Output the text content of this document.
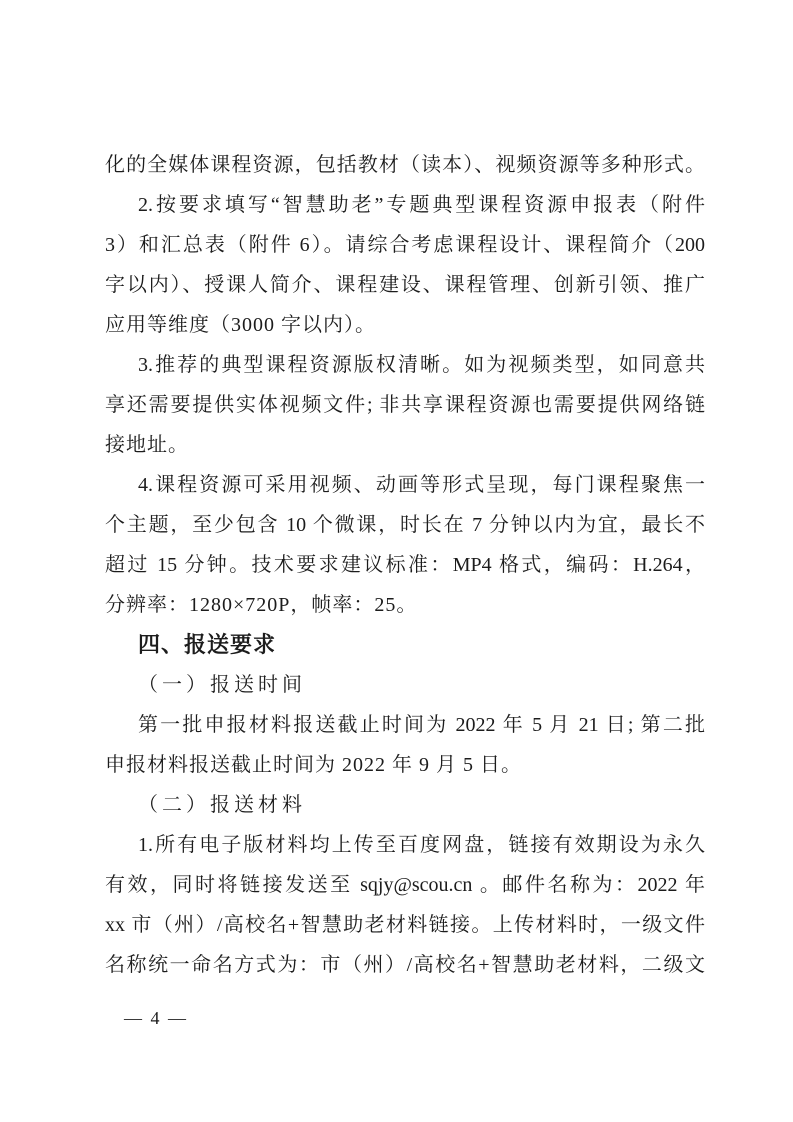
化的全媒体课程资源，包括教材（读本）、视频资源等多种形式。
2.按要求填写“智慧助老”专题典型课程资源申报表（附件
3）和汇总表（附件 6）。请综合考虑课程设计、课程简介（200
字以内）、授课人简介、课程建设、课程管理、创新引领、推广
应用等维度（3000 字以内）。
3.推荐的典型课程资源版权清晰。如为视频类型，如同意共
享还需要提供实体视频文件; 非共享课程资源也需要提供网络链
接地址。
4.课程资源可采用视频、动画等形式呈现，每门课程聚焦一
个主题，至少包含 10 个微课，时长在 7 分钟以内为宜，最长不
超过 15 分钟。技术要求建议标准：MP4 格式，编码：H.264，
分辨率：1280×720P，帧率：25。
四、报送要求
（一）报送时间
第一批申报材料报送截止时间为 2022 年 5 月 21 日; 第二批
申报材料报送截止时间为 2022 年 9 月 5 日。
（二）报送材料
1.所有电子版材料均上传至百度网盘，链接有效期设为永久
有效，同时将链接发送至 sqjy@scou.cn 。邮件名称为：2022 年
xx 市（州）/高校名+智慧助老材料链接。上传材料时，一级文件
名称统一命名方式为：市（州）/高校名+智慧助老材料，二级文
— 4 —
